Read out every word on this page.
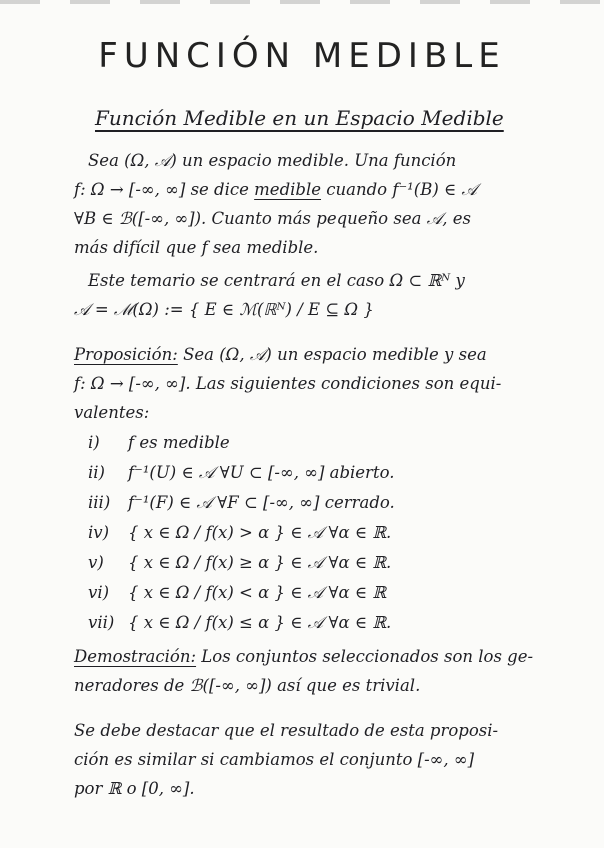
FUNCIÓN MEDIBLE
Función Medible en un Espacio Medible
Sea (Ω, 𝒜) un espacio medible. Una función
f: Ω → [-∞, ∞] se dice medible cuando f⁻¹(B) ∈ 𝒜
∀B ∈ ℬ([-∞, ∞]). Cuanto más pequeño sea 𝒜, es
más difícil que f sea medible.
Este temario se centrará en el caso Ω ⊂ ℝᴺ y
𝒜 = ℳ(Ω) := { E ∈ ℳ(ℝᴺ) / E ⊆ Ω }
Proposición: Sea (Ω, 𝒜) un espacio medible y sea
f: Ω → [-∞, ∞]. Las siguientes condiciones son equi-
valentes:
i) f es medible
ii) f⁻¹(U) ∈ 𝒜 ∀U ⊂ [-∞, ∞] abierto.
iii) f⁻¹(F) ∈ 𝒜 ∀F ⊂ [-∞, ∞] cerrado.
iv) { x ∈ Ω / f(x) > α } ∈ 𝒜 ∀α ∈ ℝ.
v) { x ∈ Ω / f(x) ≥ α } ∈ 𝒜 ∀α ∈ ℝ.
vi) { x ∈ Ω / f(x) < α } ∈ 𝒜 ∀α ∈ ℝ
vii) { x ∈ Ω / f(x) ≤ α } ∈ 𝒜 ∀α ∈ ℝ.
Demostración: Los conjuntos seleccionados son los ge-
neradores de ℬ([-∞, ∞]) así que es trivial.
Se debe destacar que el resultado de esta proposi-
ción es similar si cambiamos el conjunto [-∞, ∞]
por ℝ o [0, ∞].
